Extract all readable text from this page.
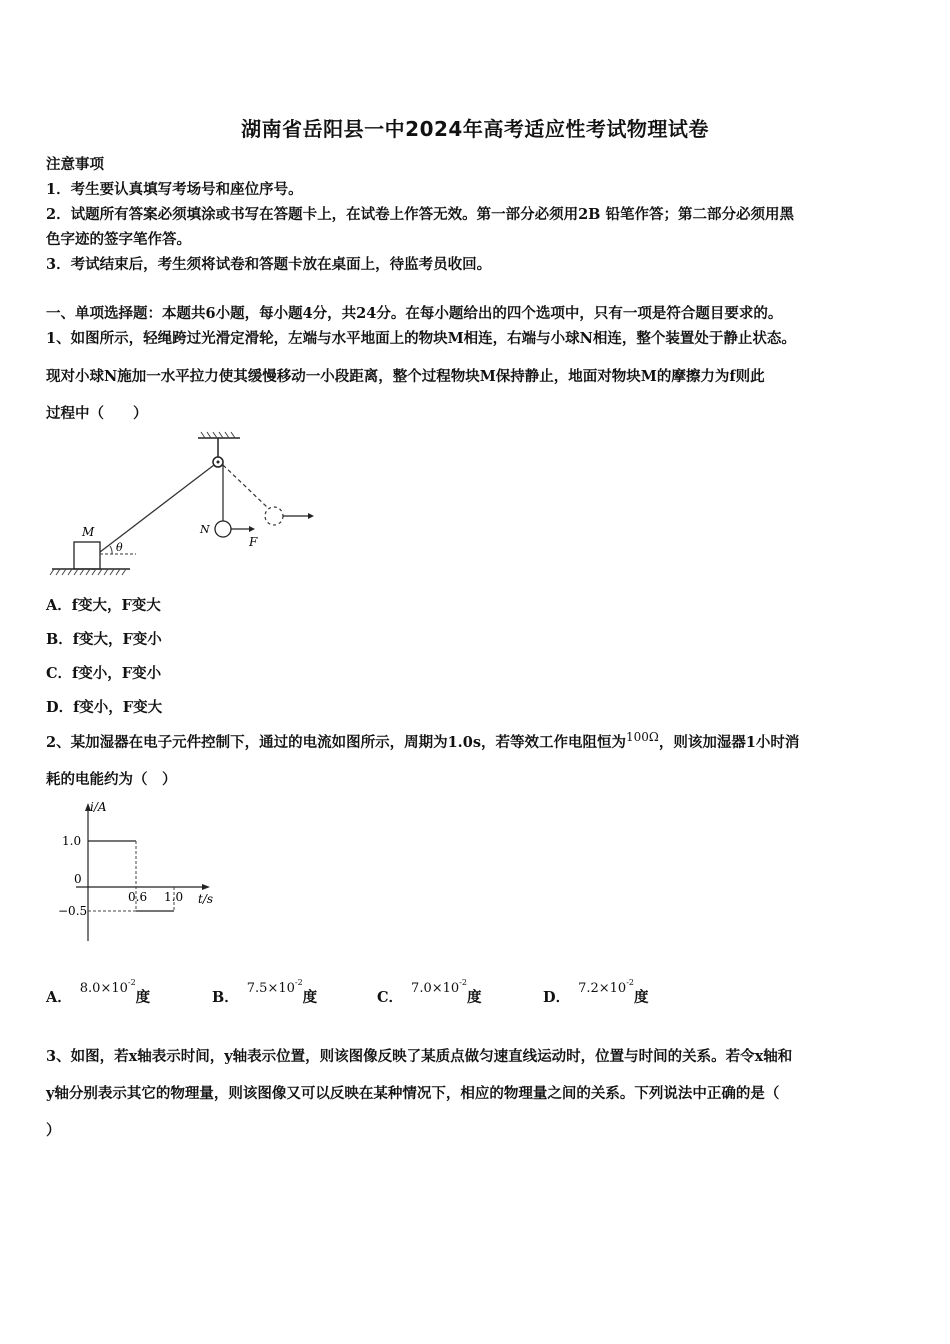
湖南省岳阳县一中2024年高考适应性考试物理试卷
注意事项
1．考生要认真填写考场号和座位序号。
2．试题所有答案必须填涂或书写在答题卡上，在试卷上作答无效。第一部分必须用2B 铅笔作答；第二部分必须用黑
色字迹的签字笔作答。
3．考试结束后，考生须将试卷和答题卡放在桌面上，待监考员收回。
一、单项选择题：本题共6小题，每小题4分，共24分。在每小题给出的四个选项中，只有一项是符合题目要求的。
1、如图所示，轻绳跨过光滑定滑轮，左端与水平地面上的物块M相连，右端与小球N相连，整个装置处于静止状态。
现对小球N施加一水平拉力使其缓慢移动一小段距离，整个过程物块M保持静止，地面对物块M的摩擦力为f则此
过程中（　　）
M
θ
N
F
A．f变大，F变大
B．f变大，F变小
C．f变小，F变小
D．f变小，F变大
2、某加湿器在电子元件控制下，通过的电流如图所示，周期为1.0s，若等效工作电阻恒为$^{100\Omega}$，则该加湿器1小时消
耗的电能约为（　）
i/A
t/s
1.0
0
−0.5
0.6 1.0
A．$8.0\times 10^{-2}$度	B．$7.5\times 10^{-2}$度	C．$7.0\times 10^{-2}$度	D．$7.2\times 10^{-2}$度
3、如图，若x轴表示时间，y轴表示位置，则该图像反映了某质点做匀速直线运动时，位置与时间的关系。若令x轴和
y轴分别表示其它的物理量，则该图像又可以反映在某种情况下，相应的物理量之间的关系。下列说法中正确的是（
）
